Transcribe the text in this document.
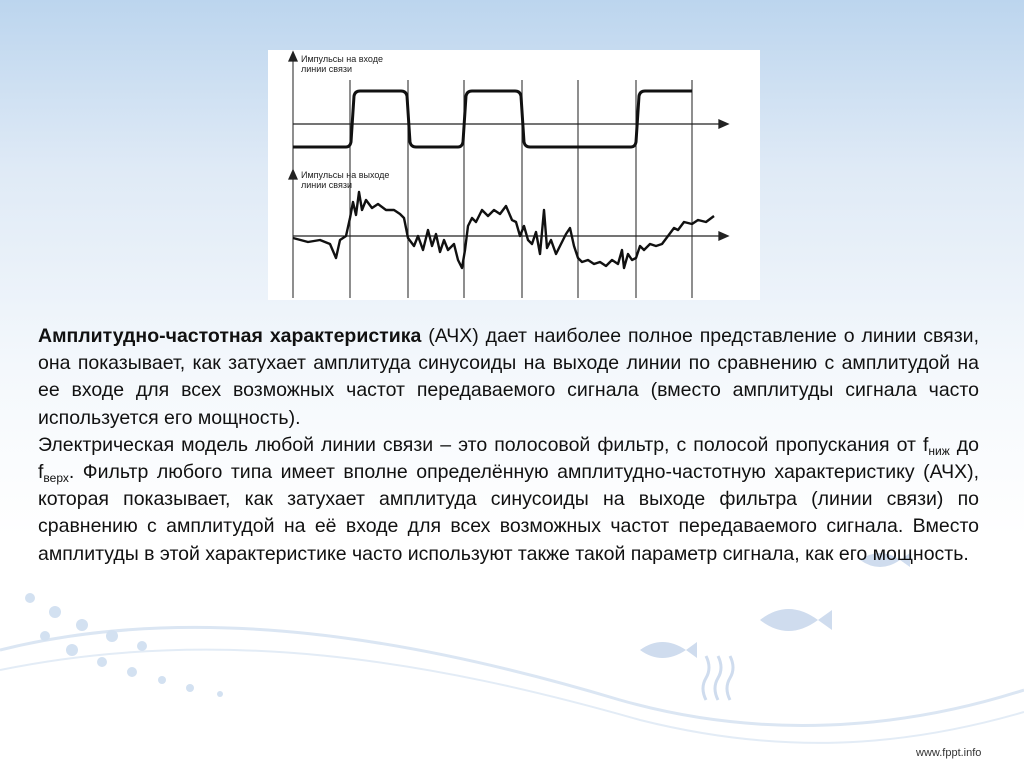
Импульсы на входе
линии связи
Импульсы на выходе
линии связи

Амплитудно-частотная характеристика (АЧХ) дает наиболее полное представление о линии связи, она показывает, как затухает амплитуда синусоиды на выходе линии по сравнению с амплитудой на ее входе для всех возможных частот передаваемого сигнала (вместо амплитуды сигнала часто используется его мощность).

Электрическая модель любой линии связи – это полосовой фильтр, с полосой пропускания от $f_{ниж}$ до $f_{верх}$. Фильтр любого типа имеет вполне определённую амплитудно-частотную характеристику (АЧХ), которая показывает, как затухает амплитуда синусоиды на выходе фильтра (линии связи) по сравнению с амплитудой на её входе для всех возможных частот передаваемого сигнала. Вместо амплитуды в этой характеристике часто используют также такой параметр сигнала, как его мощность.

www.fppt.info
